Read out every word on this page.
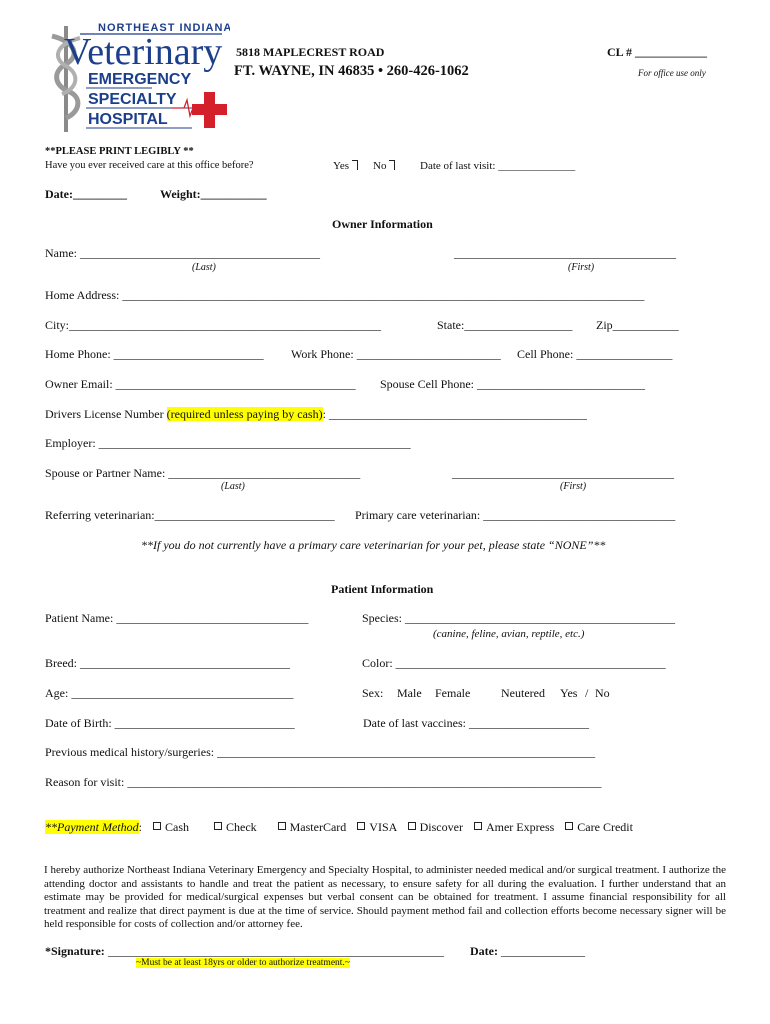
NORTHEAST INDIANA
Veterinary
EMERGENCY
SPECIALTY
HOSPITAL
5818 MAPLECREST ROAD
FT. WAYNE, IN 46835 • 260-426-1062
CL # ____________
For office use only
**PLEASE PRINT LEGIBLY **
Have you ever received care at this office before?	Yes	No	Date of last visit: ______________
Date:_________	Weight:___________
Owner Information
Name: ________________________________________	_____________________________________
(Last)	(First)
Home Address: _______________________________________________________________________________________
City:____________________________________________________	State:__________________ Zip___________
Home Phone: _________________________ Work Phone: ________________________ Cell Phone: ________________
Owner Email: ________________________________________ Spouse Cell Phone: ____________________________
Drivers License Number (required unless paying by cash): ___________________________________________
Employer: ____________________________________________________
Spouse or Partner Name: ________________________________	_____________________________________
(Last)	(First)
Referring veterinarian:______________________________ Primary care veterinarian: ________________________________
**If you do not currently have a primary care veterinarian for your pet, please state “NONE”**
Patient Information
Patient Name: ________________________________	Species: _____________________________________________
(canine, feline, avian, reptile, etc.)
Breed: ___________________________________	Color: _____________________________________________
Age: _____________________________________	Sex: Male Female	Neutered Yes / No
Date of Birth: ______________________________	Date of last vaccines: ____________________
Previous medical history/surgeries: _______________________________________________________________
Reason for visit: _______________________________________________________________________________
**Payment Method: Cash	Check	MasterCard VISA Discover Amer Express Care Credit
I hereby authorize Northeast Indiana Veterinary Emergency and Specialty Hospital, to administer needed medical and/or surgical treatment. I authorize the attending doctor and assistants to handle and treat the patient as necessary, to ensure safety for all during the evaluation. I further understand that an estimate may be provided for medical/surgical expenses but verbal consent can be obtained for treatment. I assume financial responsibility for all treatment and realize that direct payment is due at the time of service. Should payment method fail and collection efforts become necessary signer will be held responsible for costs of collection and/or attorney fee.
*Signature: ________________________________________________________ Date: ______________
~Must be at least 18yrs or older to authorize treatment.~
